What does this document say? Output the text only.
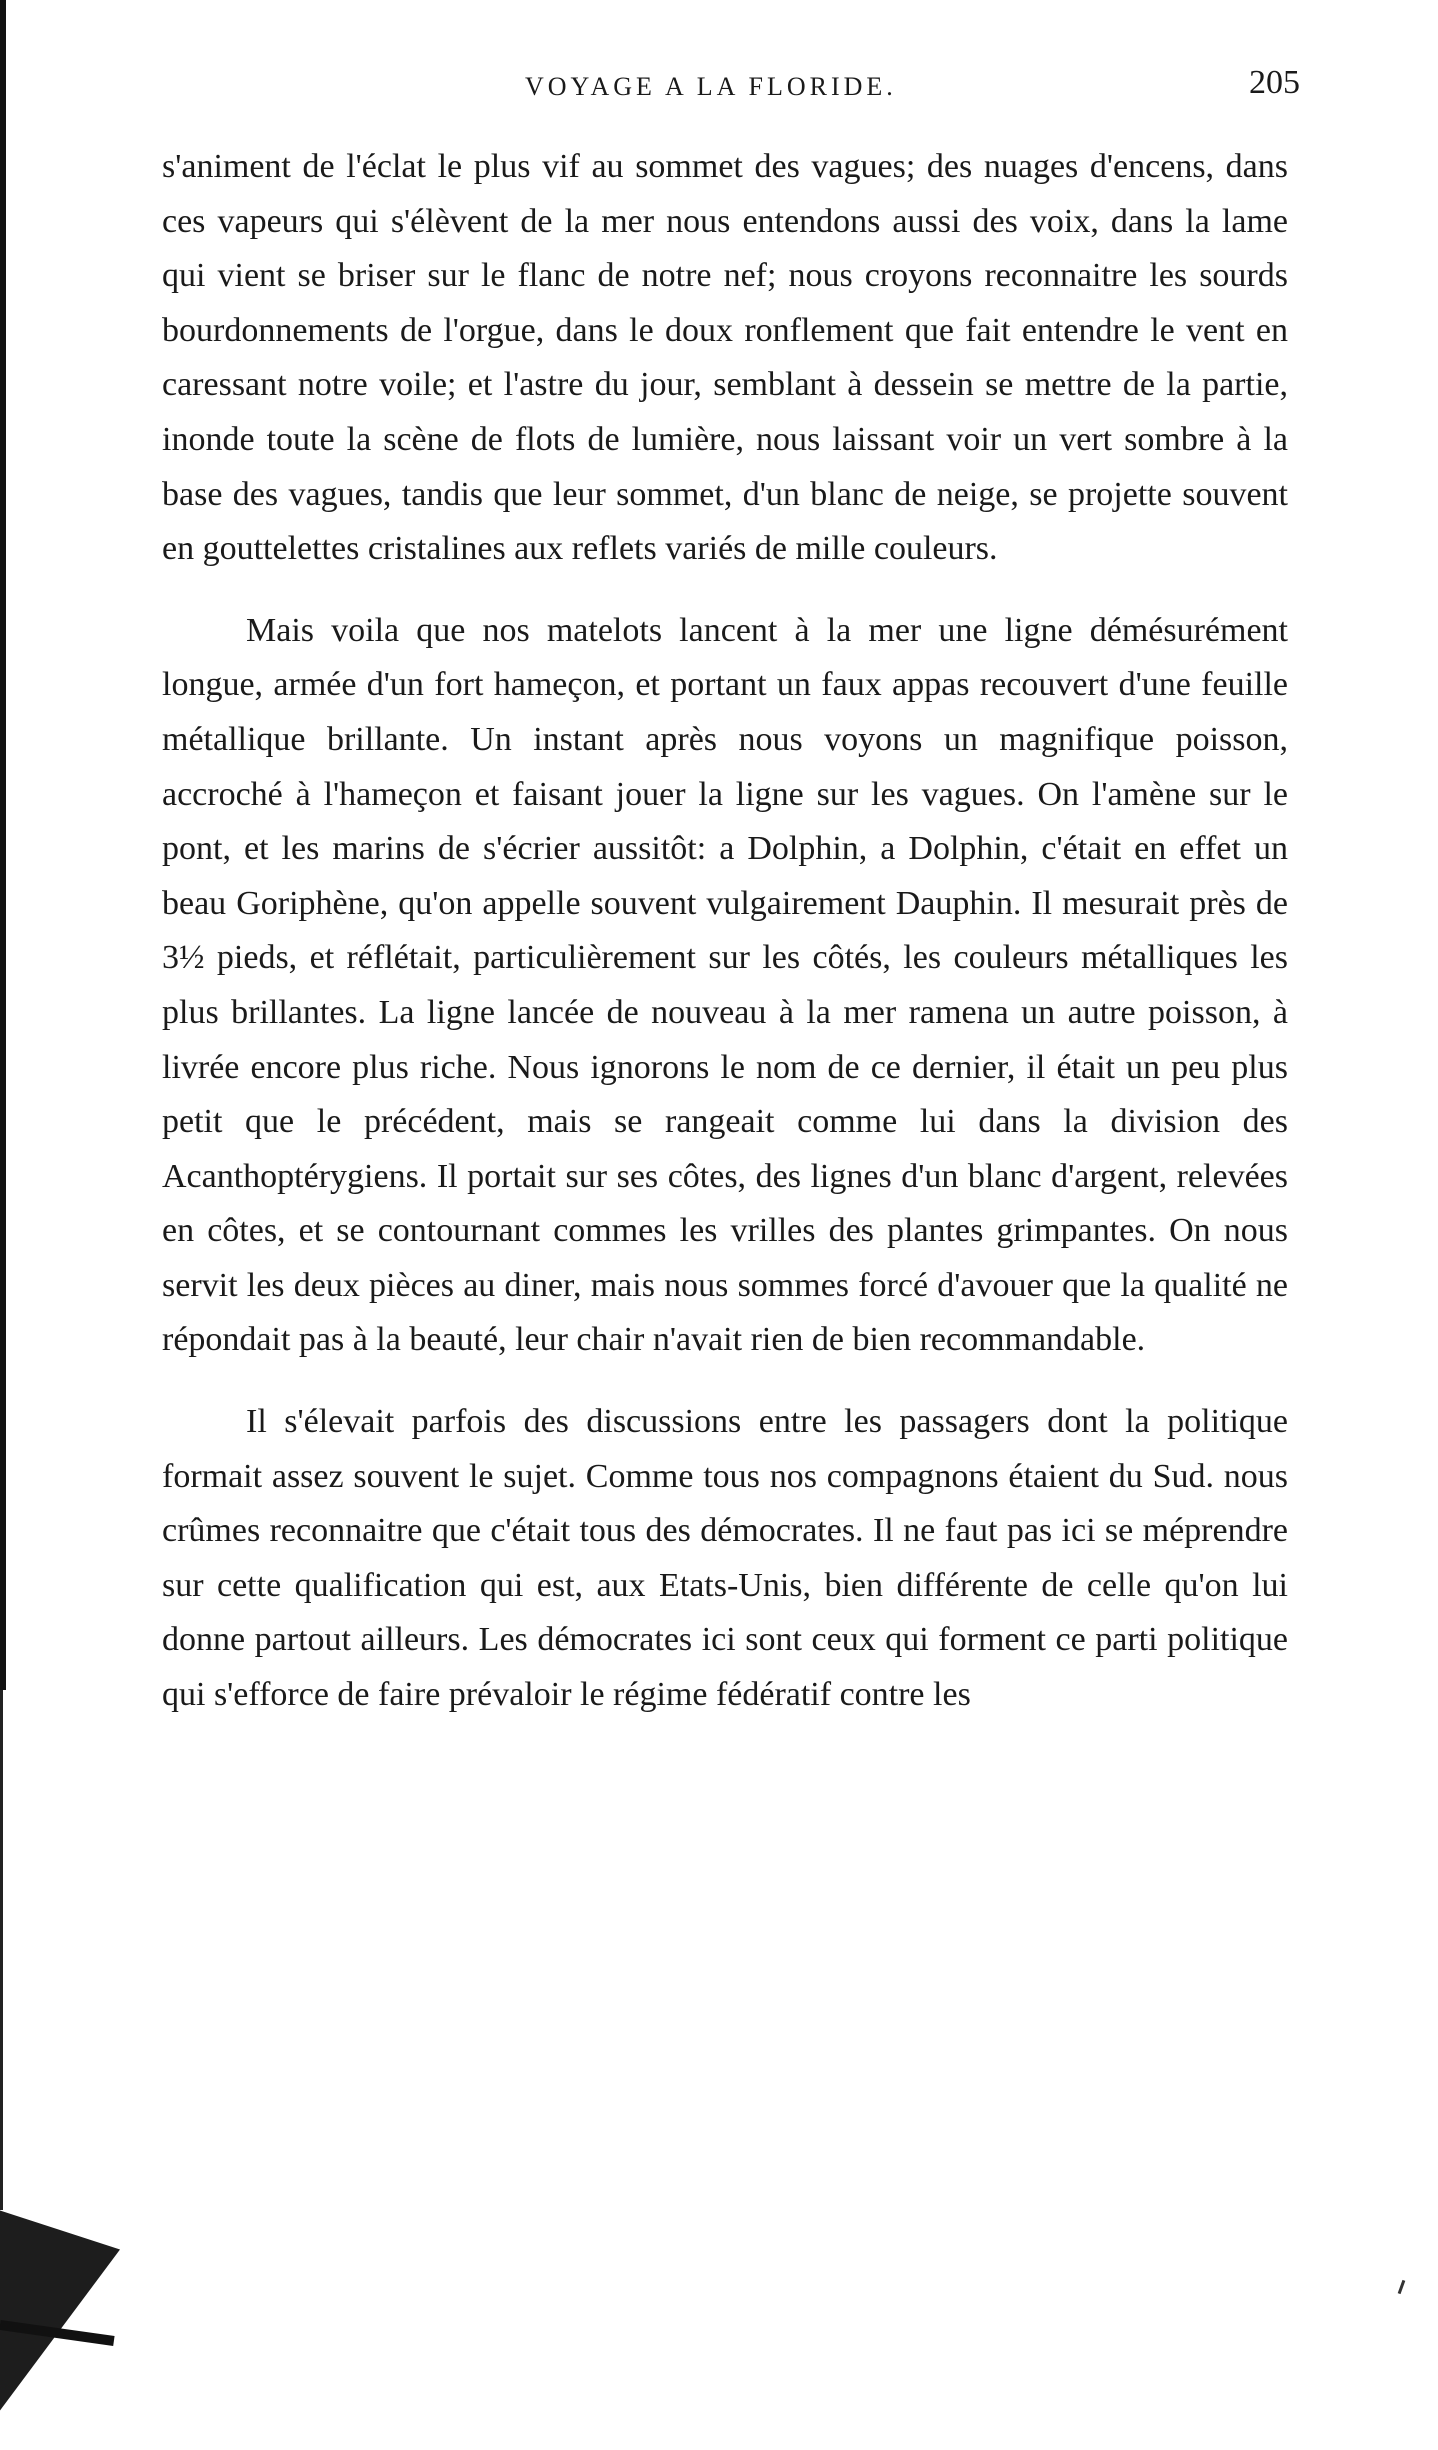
VOYAGE A LA FLORIDE.	205

s'animent de l'éclat le plus vif au sommet des vagues; des nuages d'encens, dans ces vapeurs qui s'élèvent de la mer nous entendons aussi des voix, dans la lame qui vient se briser sur le flanc de notre nef; nous croyons reconnaitre les sourds bourdonnements de l'orgue, dans le doux ronflement que fait entendre le vent en caressant notre voile; et l'astre du jour, semblant à dessein se mettre de la partie, inonde toute la scène de flots de lumière, nous laissant voir un vert sombre à la base des vagues, tandis que leur sommet, d'un blanc de neige, se projette souvent en gouttelettes cristalines aux reflets variés de mille couleurs.

Mais voila que nos matelots lancent à la mer une ligne démésurément longue, armée d'un fort hameçon, et portant un faux appas recouvert d'une feuille métallique brillante. Un instant après nous voyons un magnifique poisson, accroché à l'hameçon et faisant jouer la ligne sur les vagues. On l'amène sur le pont, et les marins de s'écrier aussitôt: a Dolphin, a Dolphin, c'était en effet un beau Goriphène, qu'on appelle souvent vulgairement Dauphin. Il mesurait près de 3½ pieds, et réflétait, particulièrement sur les côtés, les couleurs métalliques les plus brillantes. La ligne lancée de nouveau à la mer ramena un autre poisson, à livrée encore plus riche. Nous ignorons le nom de ce dernier, il était un peu plus petit que le précédent, mais se rangeait comme lui dans la division des Acanthoptérygiens. Il portait sur ses côtes, des lignes d'un blanc d'argent, relevées en côtes, et se contournant commes les vrilles des plantes grimpantes. On nous servit les deux pièces au diner, mais nous sommes forcé d'avouer que la qualité ne répondait pas à la beauté, leur chair n'avait rien de bien recommandable.

Il s'élevait parfois des discussions entre les passagers dont la politique formait assez souvent le sujet. Comme tous nos compagnons étaient du Sud. nous crûmes reconnaitre que c'était tous des démocrates. Il ne faut pas ici se méprendre sur cette qualification qui est, aux Etats-Unis, bien différente de celle qu'on lui donne partout ailleurs. Les démocrates ici sont ceux qui forment ce parti politique qui s'efforce de faire prévaloir le régime fédératif contre les
